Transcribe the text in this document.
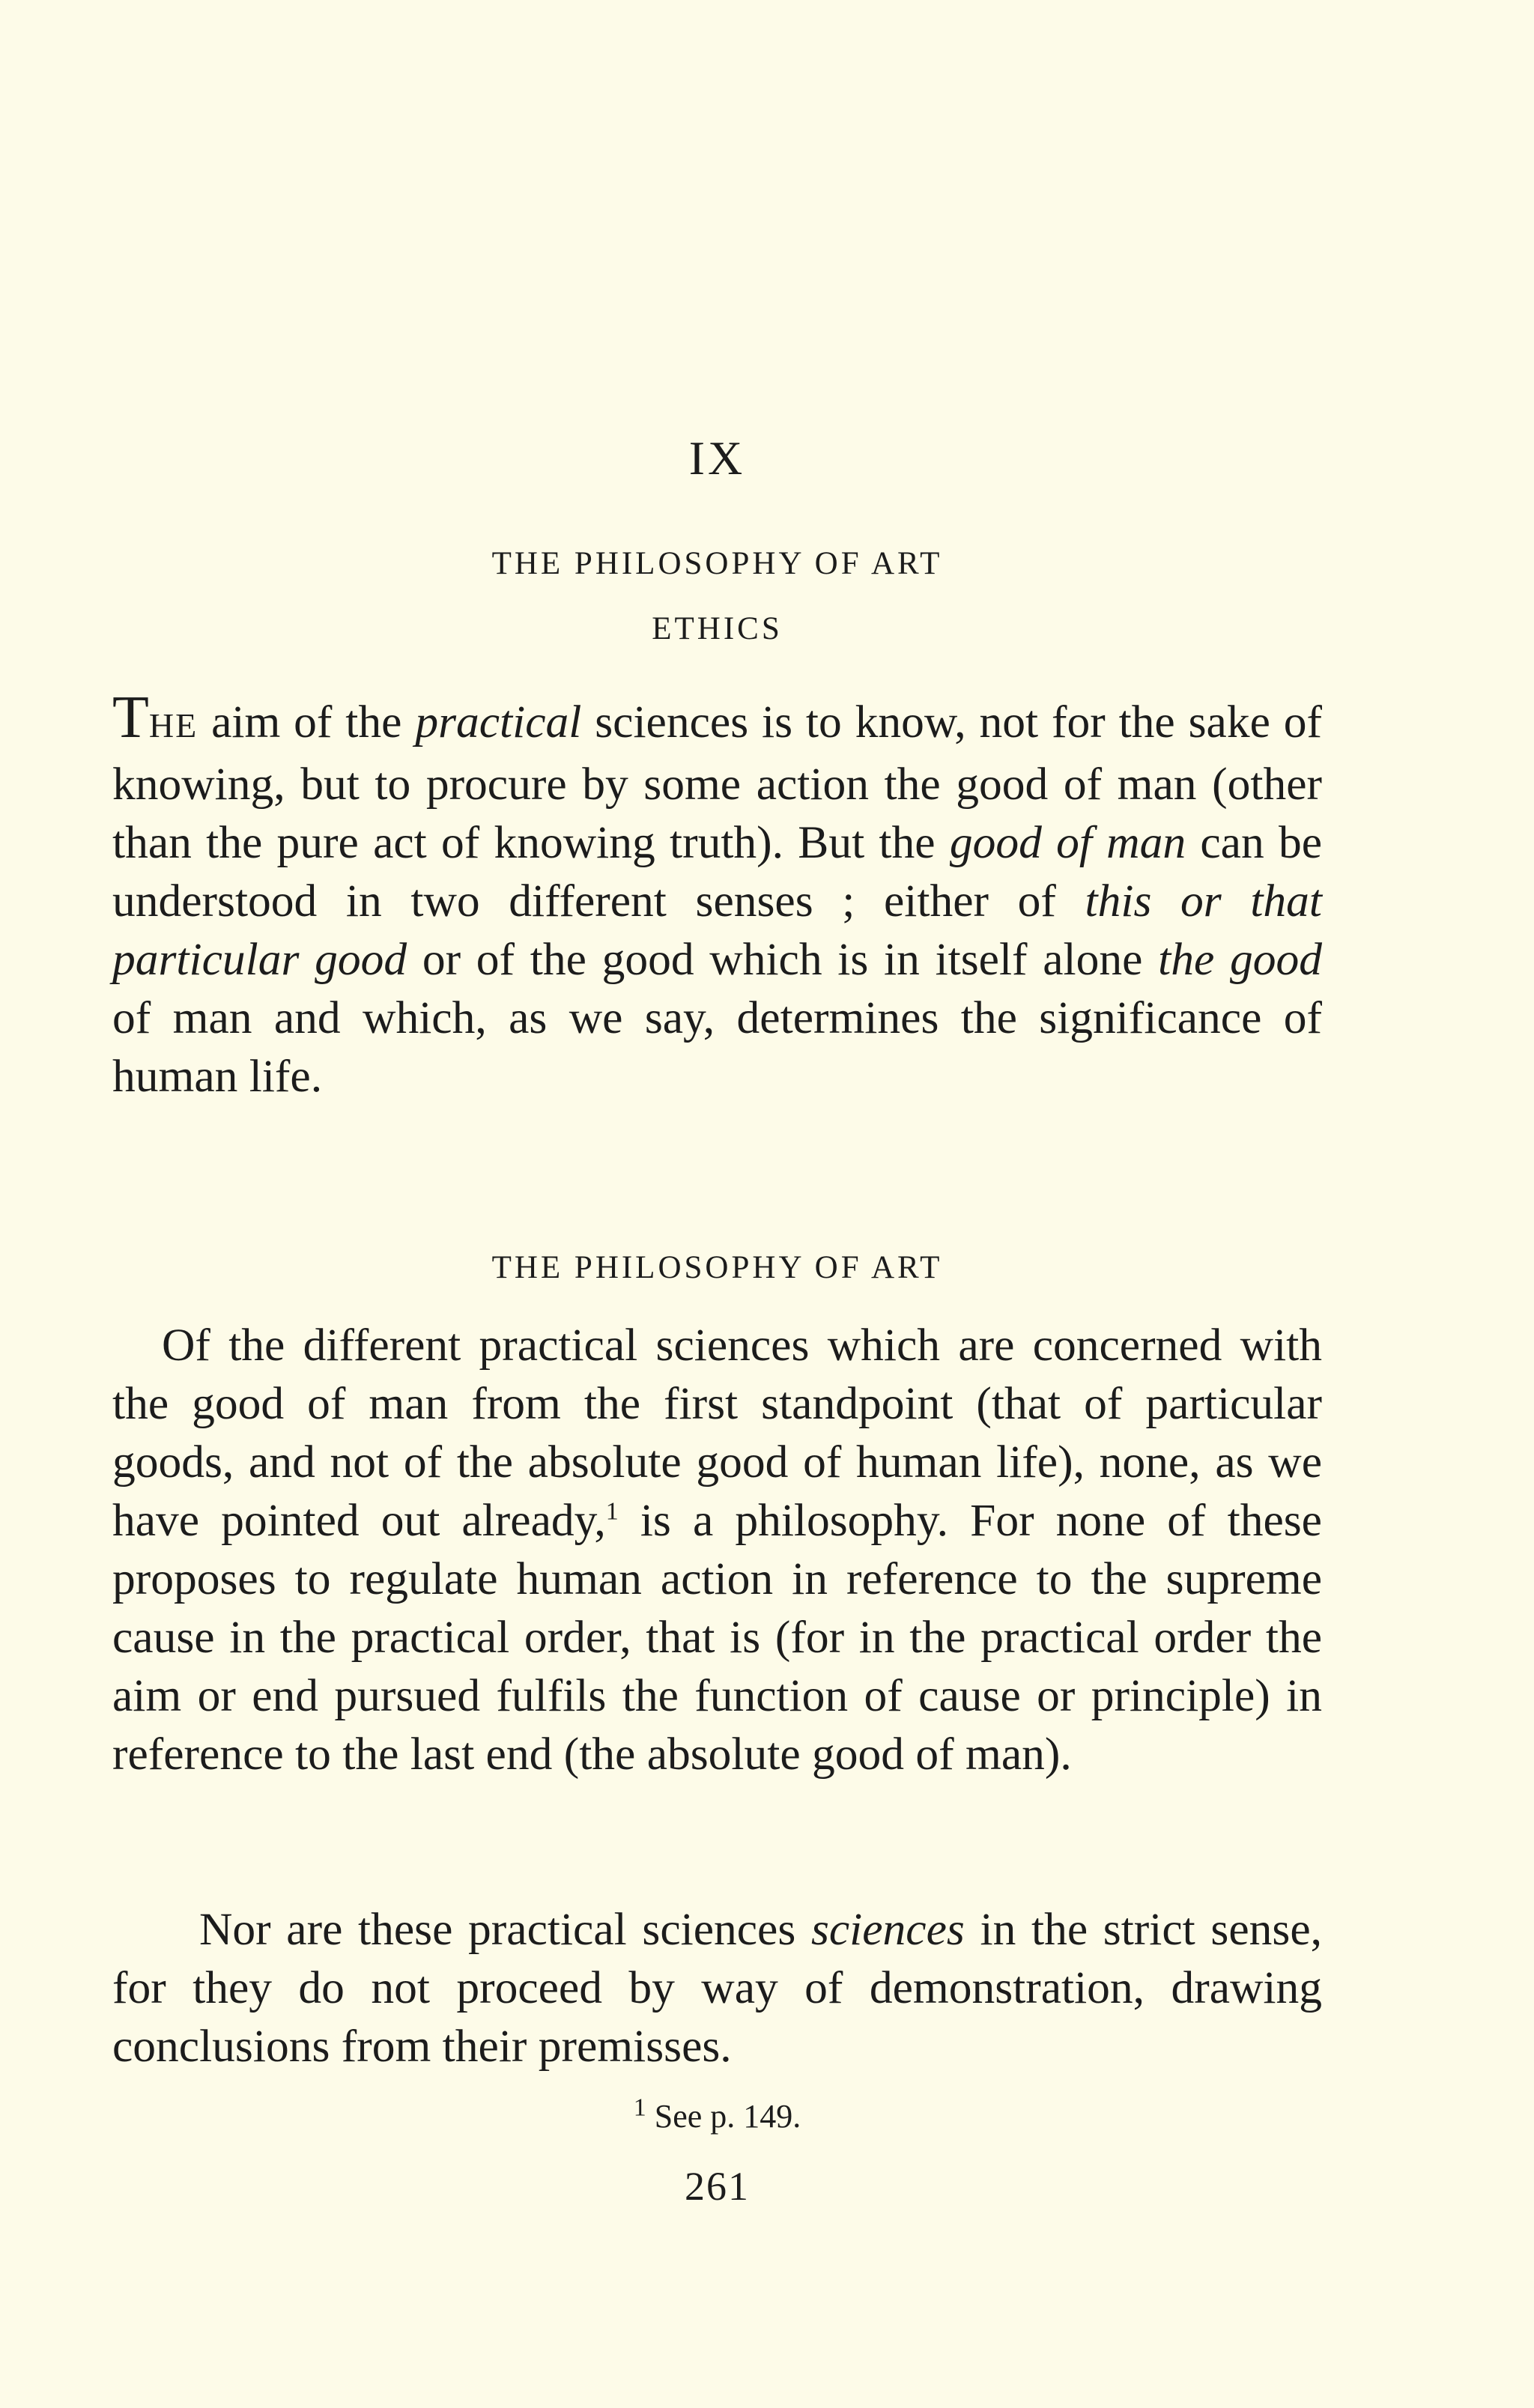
IX
THE PHILOSOPHY OF ART
ETHICS

THE aim of the practical sciences is to know, not for the sake of knowing, but to procure by some action the good of man (other than the pure act of knowing truth). But the good of man can be understood in two different senses ; either of this or that particular good or of the good which is in itself alone the good of man and which, as we say, determines the significance of human life.

THE PHILOSOPHY OF ART

Of the different practical sciences which are concerned with the good of man from the first standpoint (that of particular goods, and not of the absolute good of human life), none, as we have pointed out already,$^1$ is a philosophy. For none of these proposes to regulate human action in reference to the supreme cause in the practical order, that is (for in the practical order the aim or end pursued fulfils the function of cause or principle) in reference to the last end (the absolute good of man).

Nor are these practical sciences sciences in the strict sense, for they do not proceed by way of demonstration, drawing conclusions from their premisses.

$^1$ See p. 149.
261
